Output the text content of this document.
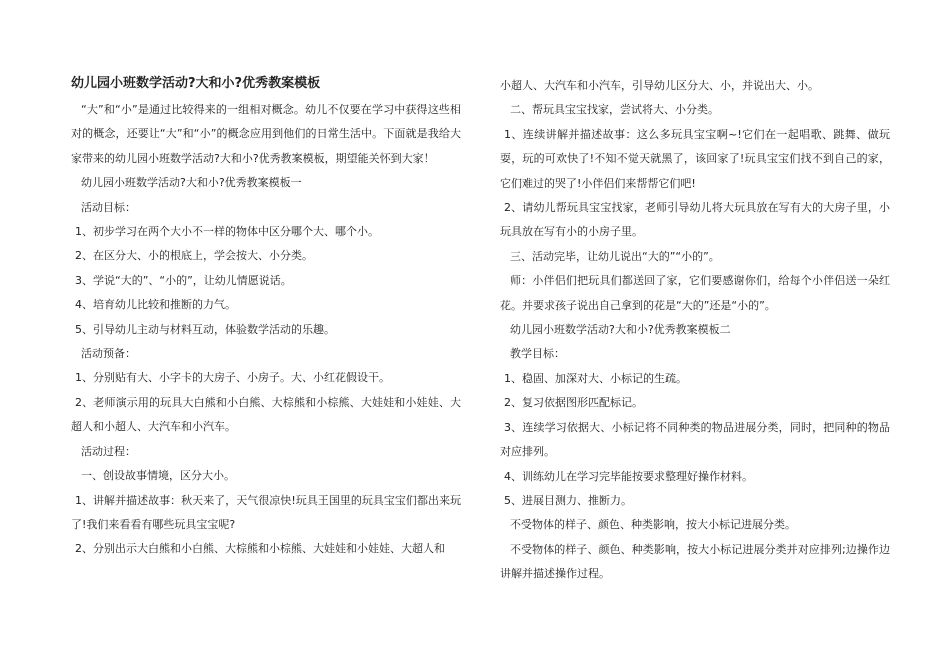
幼儿园小班数学活动?大和小?优秀教案模板

“大”和“小”是通过比较得来的一组相对概念。幼儿不仅要在学习中获得这些相对的概念，还要让“大”和“小”的概念应用到他们的日常生活中。下面就是我给大家带来的幼儿园小班数学活动?大和小?优秀教案模板，期望能关怀到大家！

幼儿园小班数学活动?大和小?优秀教案模板一

活动目标：

1、初步学习在两个大小不一样的物体中区分哪个大、哪个小。

2、在区分大、小的根底上，学会按大、小分类。

3、学说“大的”、“小的”，让幼儿情愿说话。

4、培育幼儿比较和推断的力气。

5、引导幼儿主动与材料互动，体验数学活动的乐趣。

活动预备：

1、分别贴有大、小字卡的大房子、小房子。大、小红花假设干。

2、老师演示用的玩具大白熊和小白熊、大棕熊和小棕熊、大娃娃和小娃娃、大超人和小超人、大汽车和小汽车。

活动过程：

一、创设故事情境，区分大小。

1、讲解并描述故事：秋天来了，天气很凉快!玩具王国里的玩具宝宝们都出来玩了!我们来看看有哪些玩具宝宝呢?

2、分别出示大白熊和小白熊、大棕熊和小棕熊、大娃娃和小娃娃、大超人和

小超人、大汽车和小汽车，引导幼儿区分大、小，并说出大、小。

二、帮玩具宝宝找家，尝试将大、小分类。

1、连续讲解并描述故事：这么多玩具宝宝啊~!它们在一起唱歌、跳舞、做玩耍，玩的可欢快了!不知不觉天就黑了，该回家了!玩具宝宝们找不到自己的家，它们难过的哭了!小伴侣们来帮帮它们吧!

2、请幼儿帮玩具宝宝找家，老师引导幼儿将大玩具放在写有大的大房子里，小玩具放在写有小的小房子里。

三、活动完毕，让幼儿说出“大的”“小的”。

师：小伴侣们把玩具们都送回了家，它们要感谢你们，给每个小伴侣送一朵红花。并要求孩子说出自己拿到的花是“大的”还是“小的”。

幼儿园小班数学活动?大和小?优秀教案模板二

教学目标：

1、稳固、加深对大、小标记的生疏。

2、复习依据图形匹配标记。

3、连续学习依据大、小标记将不同种类的物品进展分类，同时，把同种的物品对应排列。

4、训练幼儿在学习完毕能按要求整理好操作材料。

5、进展目测力、推断力。

不受物体的样子、颜色、种类影响，按大小标记进展分类。

不受物体的样子、颜色、种类影响，按大小标记进展分类并对应排列;边操作边讲解并描述操作过程。
